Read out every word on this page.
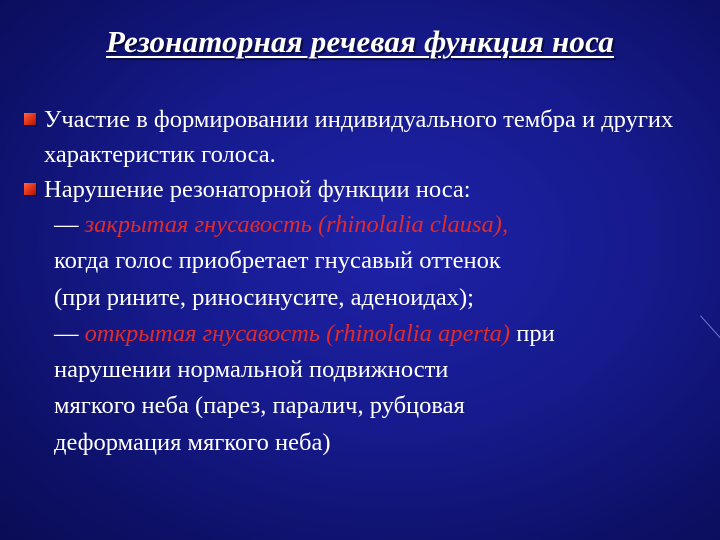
Резонаторная речевая функция носа
Участие в формировании индивидуального тембра и других характеристик голоса.
Нарушение резонаторной функции носа:
— закрытая гнусавость (rhinolalia clausa),
когда голос приобретает гнусавый оттенок
(при рините, риносинусите, аденоидах);
— открытая гнусавость (rhinolalia aperta) при
нарушении нормальной подвижности
мягкого неба (парез, паралич, рубцовая
деформация мягкого неба)
